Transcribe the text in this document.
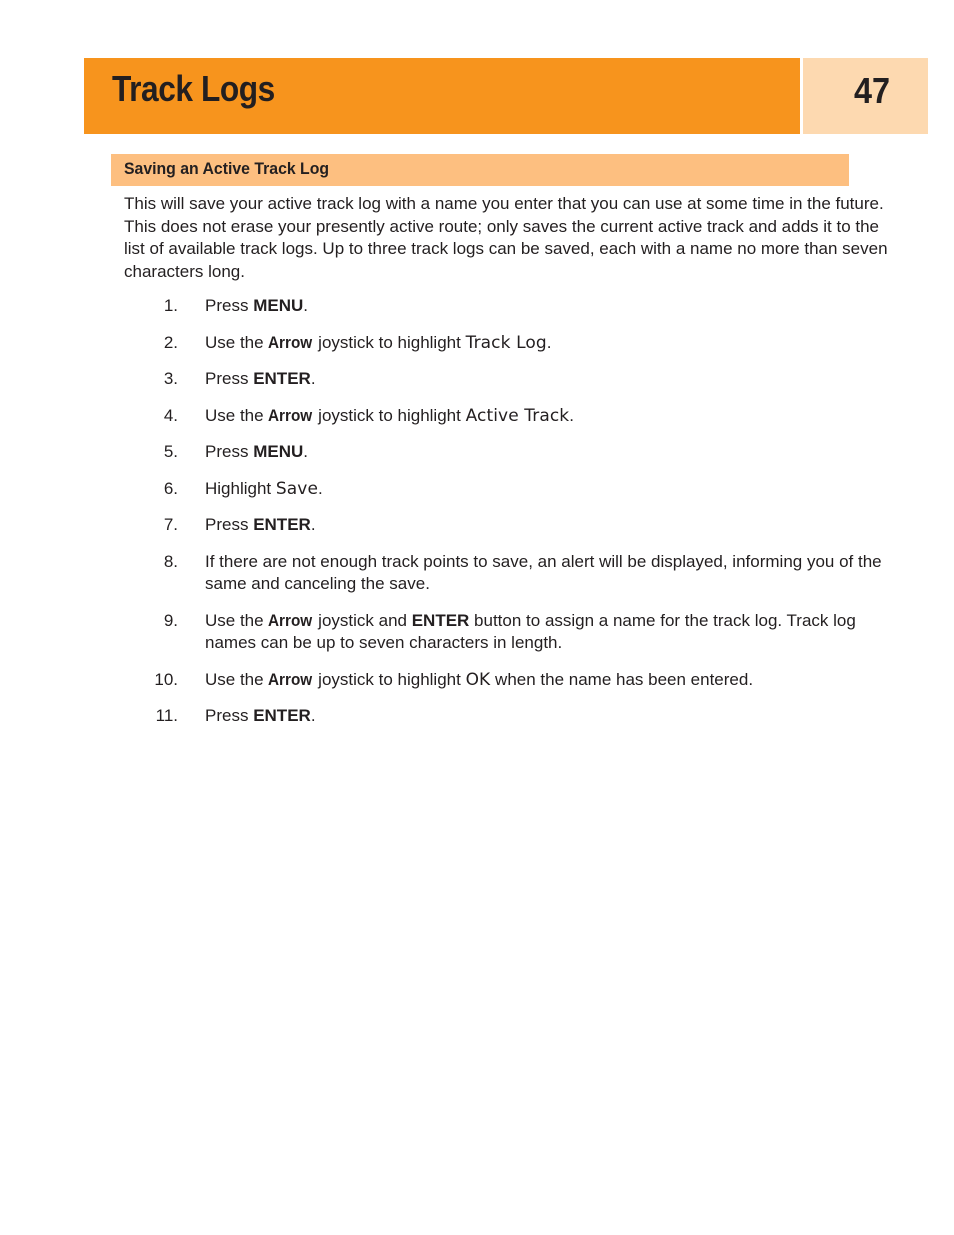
Track Logs	47
Saving an Active Track Log

This will save your active track log with a name you enter that you can use at some time in the future. This does not erase your presently active route; only saves the current active track and adds it to the list of available track logs. Up to three track logs can be saved, each with a name no more than seven characters long.

1. Press MENU.
2. Use the Arrow joystick to highlight Track Log.
3. Press ENTER.
4. Use the Arrow joystick to highlight Active Track.
5. Press MENU.
6. Highlight Save.
7. Press ENTER.
8. If there are not enough track points to save, an alert will be displayed, informing you of the same and canceling the save.
9. Use the Arrow joystick and ENTER button to assign a name for the track log. Track log names can be up to seven characters in length.
10. Use the Arrow joystick to highlight OK when the name has been entered.
11. Press ENTER.
